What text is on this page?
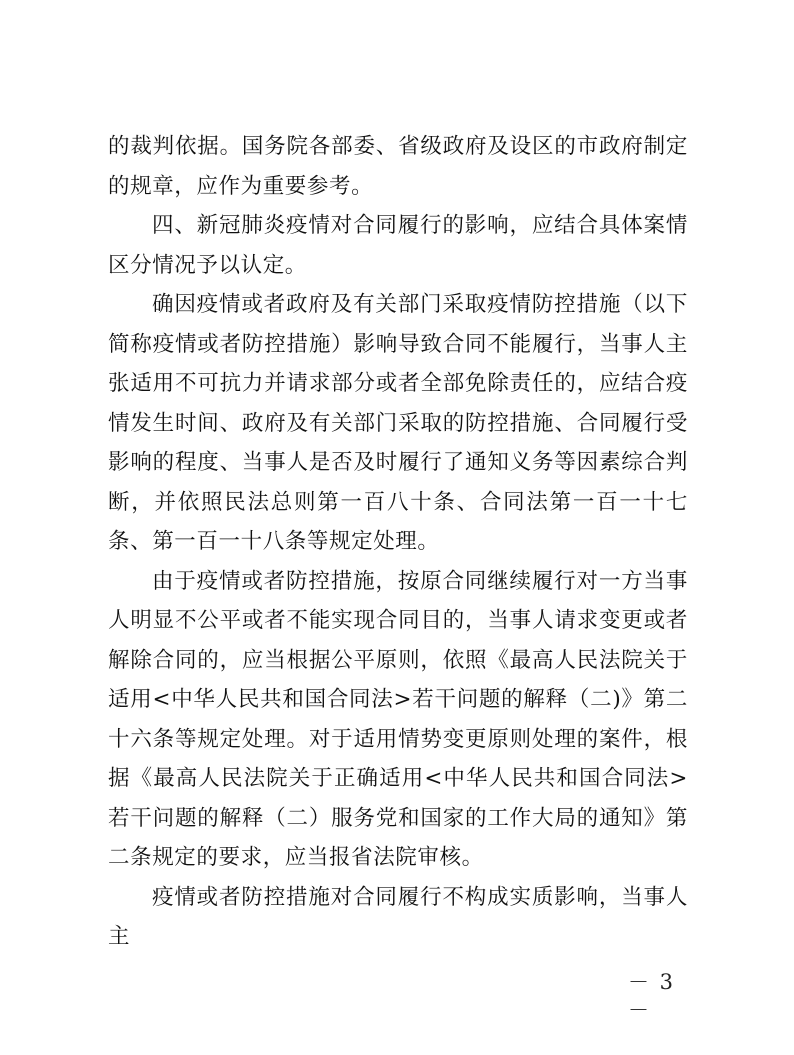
的裁判依据。国务院各部委、省级政府及设区的市政府制定的规章，应作为重要参考。

四、新冠肺炎疫情对合同履行的影响，应结合具体案情区分情况予以认定。

确因疫情或者政府及有关部门采取疫情防控措施（以下简称疫情或者防控措施）影响导致合同不能履行，当事人主张适用不可抗力并请求部分或者全部免除责任的，应结合疫情发生时间、政府及有关部门采取的防控措施、合同履行受影响的程度、当事人是否及时履行了通知义务等因素综合判断，并依照民法总则第一百八十条、合同法第一百一十七条、第一百一十八条等规定处理。

由于疫情或者防控措施，按原合同继续履行对一方当事人明显不公平或者不能实现合同目的，当事人请求变更或者解除合同的，应当根据公平原则，依照《最高人民法院关于适用<中华人民共和国合同法>若干问题的解释（二)》第二十六条等规定处理。对于适用情势变更原则处理的案件，根据《最高人民法院关于正确适用<中华人民共和国合同法>若干问题的解释（二）服务党和国家的工作大局的通知》第二条规定的要求，应当报省法院审核。

疫情或者防控措施对合同履行不构成实质影响，当事人主

－ 3 －
